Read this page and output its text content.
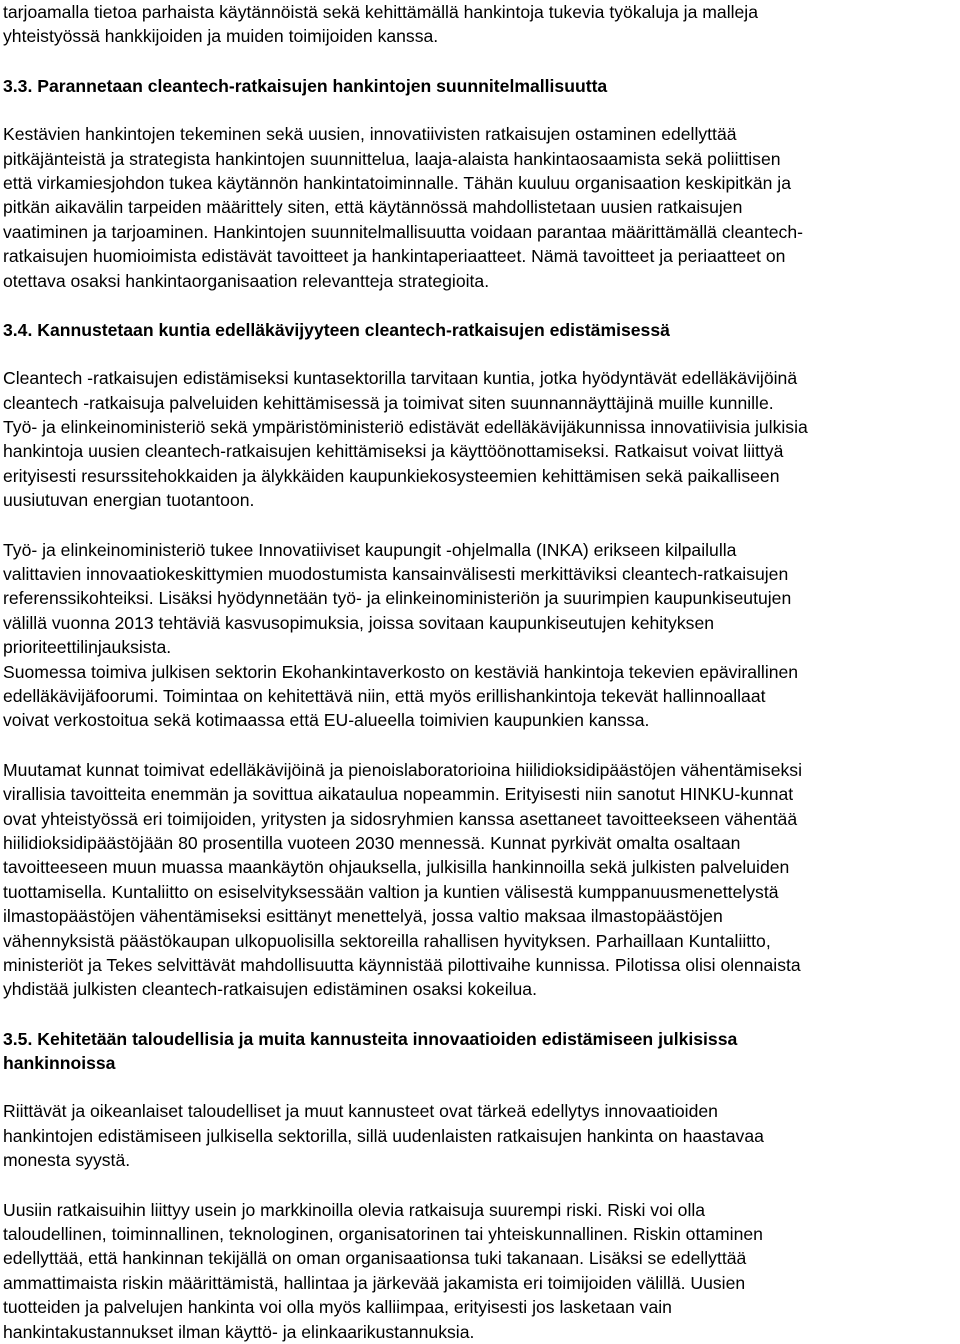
tarjoamalla tietoa parhaista käytännöistä sekä kehittämällä hankintoja tukevia työkaluja ja malleja
yhteistyössä hankkijoiden ja muiden toimijoiden kanssa.
3.3. Parannetaan cleantech-ratkaisujen hankintojen suunnitelmallisuutta
Kestävien hankintojen tekeminen sekä uusien, innovatiivisten ratkaisujen ostaminen edellyttää
pitkäjänteistä ja strategista hankintojen suunnittelua, laaja-alaista hankintaosaamista sekä poliittisen
että virkamiesjohdon tukea käytännön hankintatoiminnalle. Tähän kuuluu organisaation keskipitkän ja
pitkän aikavälin tarpeiden määrittely siten, että käytännössä mahdollistetaan uusien ratkaisujen
vaatiminen ja tarjoaminen. Hankintojen suunnitelmallisuutta voidaan parantaa määrittämällä cleantech-
ratkaisujen huomioimista edistävät tavoitteet ja hankintaperiaatteet. Nämä tavoitteet ja periaatteet on
otettava osaksi hankintaorganisaation relevantteja strategioita.
3.4. Kannustetaan kuntia edelläkävijyyteen cleantech-ratkaisujen edistämisessä
Cleantech -ratkaisujen edistämiseksi kuntasektorilla tarvitaan kuntia, jotka hyödyntävät edelläkävijöinä
cleantech -ratkaisuja palveluiden kehittämisessä ja toimivat siten suunnannäyttäjinä muille kunnille.
Työ- ja elinkeinoministeriö sekä ympäristöministeriö edistävät edelläkävijäkunnissa innovatiivisia julkisia
hankintoja uusien cleantech-ratkaisujen kehittämiseksi ja käyttöönottamiseksi. Ratkaisut voivat liittyä
erityisesti resurssitehokkaiden ja älykkäiden kaupunkiekosysteemien kehittämisen sekä paikalliseen
uusiutuvan energian tuotantoon.
Työ- ja elinkeinoministeriö tukee Innovatiiviset kaupungit -ohjelmalla (INKA) erikseen kilpailulla
valittavien innovaatiokeskittymien muodostumista kansainvälisesti merkittäviksi cleantech-ratkaisujen
referenssikohteiksi. Lisäksi hyödynnetään työ- ja elinkeinoministeriön ja suurimpien kaupunkiseutujen
välillä vuonna 2013 tehtäviä kasvusopimuksia, joissa sovitaan kaupunkiseutujen kehityksen
prioriteettilinjauksista.
Suomessa toimiva julkisen sektorin Ekohankintaverkosto on kestäviä hankintoja tekevien epävirallinen
edelläkävijäfoorumi. Toimintaa on kehitettävä niin, että myös erillishankintoja tekevät hallinnoallaat
voivat verkostoitua sekä kotimaassa että EU-alueella toimivien kaupunkien kanssa.
Muutamat kunnat toimivat edelläkävijöinä ja pienoislaboratorioina hiilidioksidipäästöjen vähentämiseksi
virallisia tavoitteita enemmän ja sovittua aikataulua nopeammin. Erityisesti niin sanotut HINKU-kunnat
ovat yhteistyössä eri toimijoiden, yritysten ja sidosryhmien kanssa asettaneet tavoitteekseen vähentää
hiilidioksidipäästöjään 80 prosentilla vuoteen 2030 mennessä. Kunnat pyrkivät omalta osaltaan
tavoitteeseen muun muassa maankäytön ohjauksella, julkisilla hankinnoilla sekä julkisten palveluiden
tuottamisella. Kuntaliitto on esiselvityksessään valtion ja kuntien välisestä kumppanuusmenettelystä
ilmastopäästöjen vähentämiseksi esittänyt menettelyä, jossa valtio maksaa ilmastopäästöjen
vähennyksistä päästökaupan ulkopuolisilla sektoreilla rahallisen hyvityksen. Parhaillaan Kuntaliitto,
ministeriöt ja Tekes selvittävät mahdollisuutta käynnistää pilottivaihe kunnissa. Pilotissa olisi olennaista
yhdistää julkisten cleantech-ratkaisujen edistäminen osaksi kokeilua.
3.5. Kehitetään taloudellisia ja muita kannusteita innovaatioiden edistämiseen julkisissa
hankinnoissa
Riittävät ja oikeanlaiset taloudelliset ja muut kannusteet ovat tärkeä edellytys innovaatioiden
hankintojen edistämiseen julkisella sektorilla, sillä uudenlaisten ratkaisujen hankinta on haastavaa
monesta syystä.
Uusiin ratkaisuihin liittyy usein jo markkinoilla olevia ratkaisuja suurempi riski. Riski voi olla
taloudellinen, toiminnallinen, teknologinen, organisatorinen tai yhteiskunnallinen. Riskin ottaminen
edellyttää, että hankinnan tekijällä on oman organisaationsa tuki takanaan. Lisäksi se edellyttää
ammattimaista riskin määrittämistä, hallintaa ja järkevää jakamista eri toimijoiden välillä. Uusien
tuotteiden ja palvelujen hankinta voi olla myös kalliimpaa, erityisesti jos lasketaan vain
hankintakustannukset ilman käyttö- ja elinkaarikustannuksia.
